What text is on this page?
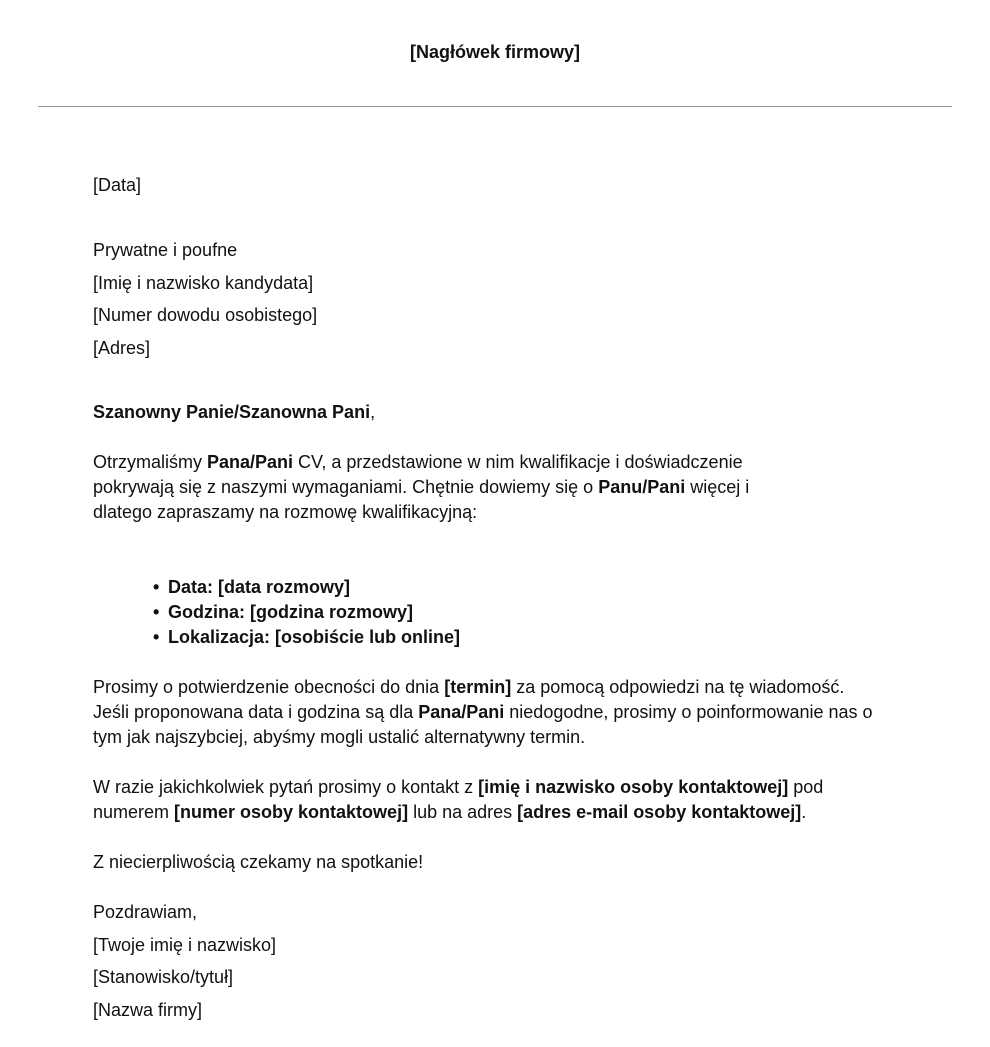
[Nagłówek firmowy]
[Data]
Prywatne i poufne
[Imię i nazwisko kandydata]
[Numer dowodu osobistego]
[Adres]
Szanowny Panie/Szanowna Pani,
Otrzymaliśmy Pana/Pani CV, a przedstawione w nim kwalifikacje i doświadczenie
pokrywają się z naszymi wymaganiami. Chętnie dowiemy się o Panu/Pani więcej i
dlatego zapraszamy na rozmowę kwalifikacyjną:
• Data: [data rozmowy]
• Godzina: [godzina rozmowy]
• Lokalizacja: [osobiście lub online]
Prosimy o potwierdzenie obecności do dnia [termin] za pomocą odpowiedzi na tę wiadomość.
Jeśli proponowana data i godzina są dla Pana/Pani niedogodne, prosimy o poinformowanie nas o
tym jak najszybciej, abyśmy mogli ustalić alternatywny termin.
W razie jakichkolwiek pytań prosimy o kontakt z [imię i nazwisko osoby kontaktowej] pod
numerem [numer osoby kontaktowej] lub na adres [adres e-mail osoby kontaktowej].
Z niecierpliwością czekamy na spotkanie!
Pozdrawiam,
[Twoje imię i nazwisko]
[Stanowisko/tytuł]
[Nazwa firmy]
